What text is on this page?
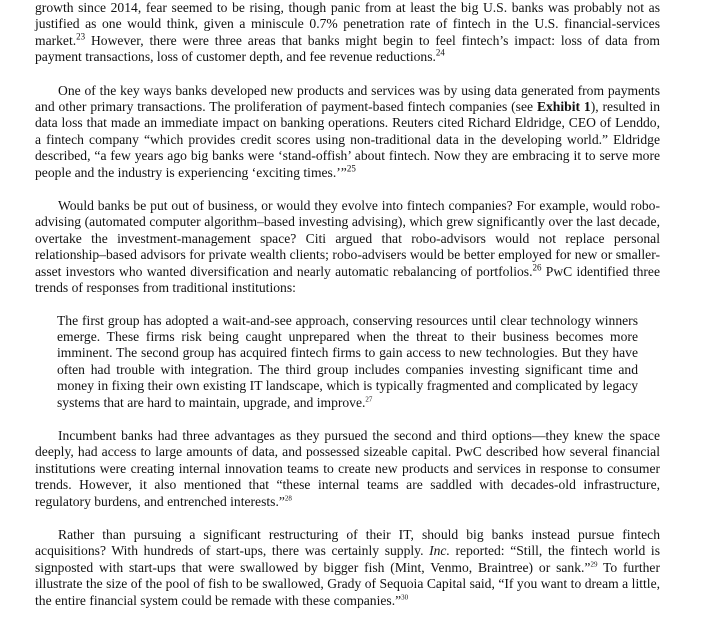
growth since 2014, fear seemed to be rising, though panic from at least the big U.S. banks was probably not as justified as one would think, given a miniscule 0.7% penetration rate of fintech in the U.S. financial-services market.$^{23}$ However, there were three areas that banks might begin to feel fintech’s impact: loss of data from payment transactions, loss of customer depth, and fee revenue reductions.$^{24}$

One of the key ways banks developed new products and services was by using data generated from payments and other primary transactions. The proliferation of payment-based fintech companies (see Exhibit 1), resulted in data loss that made an immediate impact on banking operations. Reuters cited Richard Eldridge, CEO of Lenddo, a fintech company “which provides credit scores using non-traditional data in the developing world.” Eldridge described, “a few years ago big banks were ‘stand-offish’ about fintech. Now they are embracing it to serve more people and the industry is experiencing ‘exciting times.’”$^{25}$

Would banks be put out of business, or would they evolve into fintech companies? For example, would robo-advising (automated computer algorithm–based investing advising), which grew significantly over the last decade, overtake the investment-management space? Citi argued that robo-advisors would not replace personal relationship–based advisors for private wealth clients; robo-advisers would be better employed for new or smaller-asset investors who wanted diversification and nearly automatic rebalancing of portfolios.$^{26}$ PwC identified three trends of responses from traditional institutions:

The first group has adopted a wait-and-see approach, conserving resources until clear technology winners emerge. These firms risk being caught unprepared when the threat to their business becomes more imminent. The second group has acquired fintech firms to gain access to new technologies. But they have often had trouble with integration. The third group includes companies investing significant time and money in fixing their own existing IT landscape, which is typically fragmented and complicated by legacy systems that are hard to maintain, upgrade, and improve.$^{27}$

Incumbent banks had three advantages as they pursued the second and third options—they knew the space deeply, had access to large amounts of data, and possessed sizeable capital. PwC described how several financial institutions were creating internal innovation teams to create new products and services in response to consumer trends. However, it also mentioned that “these internal teams are saddled with decades-old infrastructure, regulatory burdens, and entrenched interests.”$^{28}$

Rather than pursuing a significant restructuring of their IT, should big banks instead pursue fintech acquisitions? With hundreds of start-ups, there was certainly supply. Inc. reported: “Still, the fintech world is signposted with start-ups that were swallowed by bigger fish (Mint, Venmo, Braintree) or sank.”$^{29}$ To further illustrate the size of the pool of fish to be swallowed, Grady of Sequoia Capital said, “If you want to dream a little, the entire financial system could be remade with these companies.”$^{30}$
